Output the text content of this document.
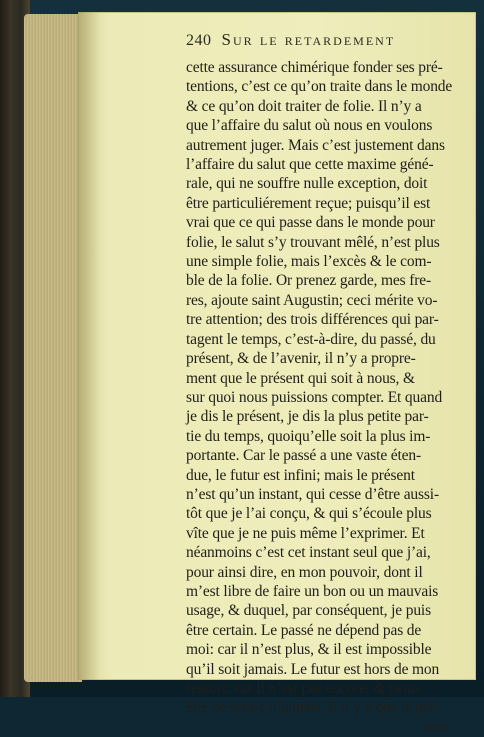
240 Sur le retardement
cette assurance chimérique fonder ses pré-
tentions, c’est ce qu’on traite dans le monde
& ce qu’on doit traiter de folie. Il n’y a
que l’affaire du salut où nous en voulons
autrement juger. Mais c’est justement dans
l’affaire du salut que cette maxime géné-
rale, qui ne souffre nulle exception, doit
être particuliérement reçue; puisqu’il est
vrai que ce qui passe dans le monde pour
folie, le salut s’y trouvant mêlé, n’est plus
une simple folie, mais l’excès & le com-
ble de la folie. Or prenez garde, mes fre-
res, ajoute saint Augustin; ceci mérite vo-
tre attention; des trois différences qui par-
tagent le temps, c’est-à-dire, du passé, du
présent, & de l’avenir, il n’y a propre-
ment que le présent qui soit à nous, &
sur quoi nous puissions compter. Et quand
je dis le présent, je dis la plus petite par-
tie du temps, quoiqu’elle soit la plus im-
portante. Car le passé a une vaste éten-
due, le futur est infini; mais le présent
n’est qu’un instant, qui cesse d’être aussi-
tôt que je l’ai conçu, & qui s’écoule plus
vîte que je ne puis même l’exprimer. Et
néanmoins c’est cet instant seul que j’ai,
pour ainsi dire, en mon pouvoir, dont il
m’est libre de faire un bon ou un mauvais
usage, & duquel, par conséquent, je puis
être certain. Le passé ne dépend pas de
moi: car il n’est plus, & il est impossible
qu’il soit jamais. Le futur est hors de mon
ressort; car il n’est pas encore, & peut-
être ne sera-t-il jamais. Il n’y a que le pré-
sent
